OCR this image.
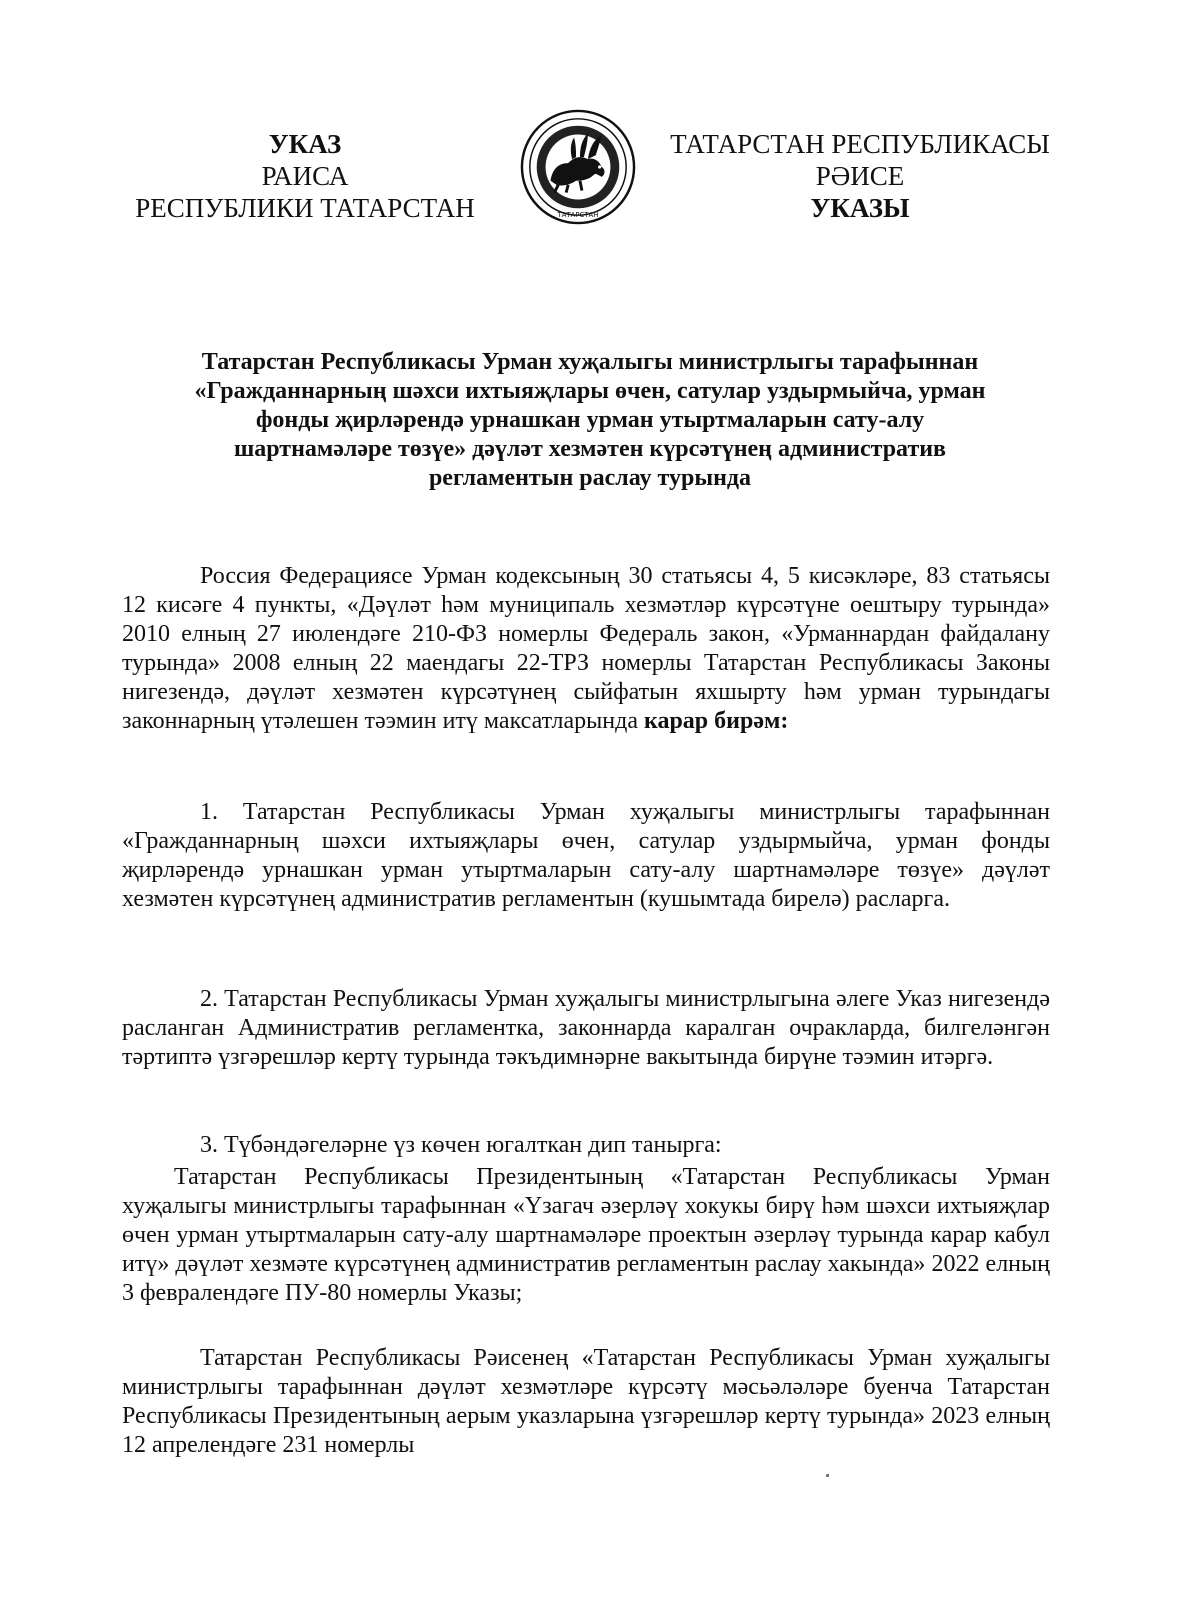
УКАЗ
РАИСА
РЕСПУБЛИКИ ТАТАРСТАН	ТАТАРСТАН
ТАТАРСТАН РЕСПУБЛИКАСЫ
РӘИСЕ
УКАЗЫ
Татарстан Республикасы Урман хуҗалыгы министрлыгы тарафыннан
«Гражданнарның шәхси ихтыяҗлары өчен, сатулар уздырмыйча, урман
фонды җирләрендә урнашкан урман утыртмаларын сату-алу
шартнамәләре төзүе» дәүләт хезмәтен күрсәтүнең административ
регламентын раслау турында
Россия Федерациясе Урман кодексының 30 статьясы 4, 5 кисәкләре, 83 статьясы 12 кисәге 4 пункты, «Дәүләт һәм муниципаль хезмәтләр күрсәтүне оештыру турында» 2010 елның 27 июлендәге 210-ФЗ номерлы Федераль закон, «Урманнардан файдалану турында» 2008 елның 22 маендагы 22-ТРЗ номерлы Татарстан Республикасы Законы нигезендә, дәүләт хезмәтен күрсәтүнең сыйфатын яхшырту һәм урман турындагы законнарның үтәлешен тәэмин итү максатларында карар бирәм:
1. Татарстан Республикасы Урман хуҗалыгы министрлыгы тарафыннан «Гражданнарның шәхси ихтыяҗлары өчен, сатулар уздырмыйча, урман фонды җирләрендә урнашкан урман утыртмаларын сату-алу шартнамәләре төзүе» дәүләт хезмәтен күрсәтүнең административ регламентын (кушымтада бирелә) расларга.
2. Татарстан Республикасы Урман хуҗалыгы министрлыгына әлеге Указ нигезендә расланган Административ регламентка, законнарда каралган очракларда, билгеләнгән тәртиптә үзгәрешләр кертү турында тәкъдимнәрне вакытында бирүне тәэмин итәргә.
3. Түбәндәгеләрне үз көчен югалткан дип танырга:
Татарстан Республикасы Президентының «Татарстан Республикасы Урман хуҗалыгы министрлыгы тарафыннан «Үзагач әзерләү хокукы бирү һәм шәхси ихтыяҗлар өчен урман утыртмаларын сату-алу шартнамәләре проектын әзерләү турында карар кабул итү» дәүләт хезмәте күрсәтүнең административ регламентын раслау хакында» 2022 елның 3 февралендәге ПУ-80 номерлы Указы;
Татарстан Республикасы Рәисенең «Татарстан Республикасы Урман хуҗалыгы министрлыгы тарафыннан дәүләт хезмәтләре күрсәтү мәсьәләләре буенча Татарстан Республикасы Президентының аерым указларына үзгәрешләр кертү турында» 2023 елның 12 апрелендәге 231 номерлы
